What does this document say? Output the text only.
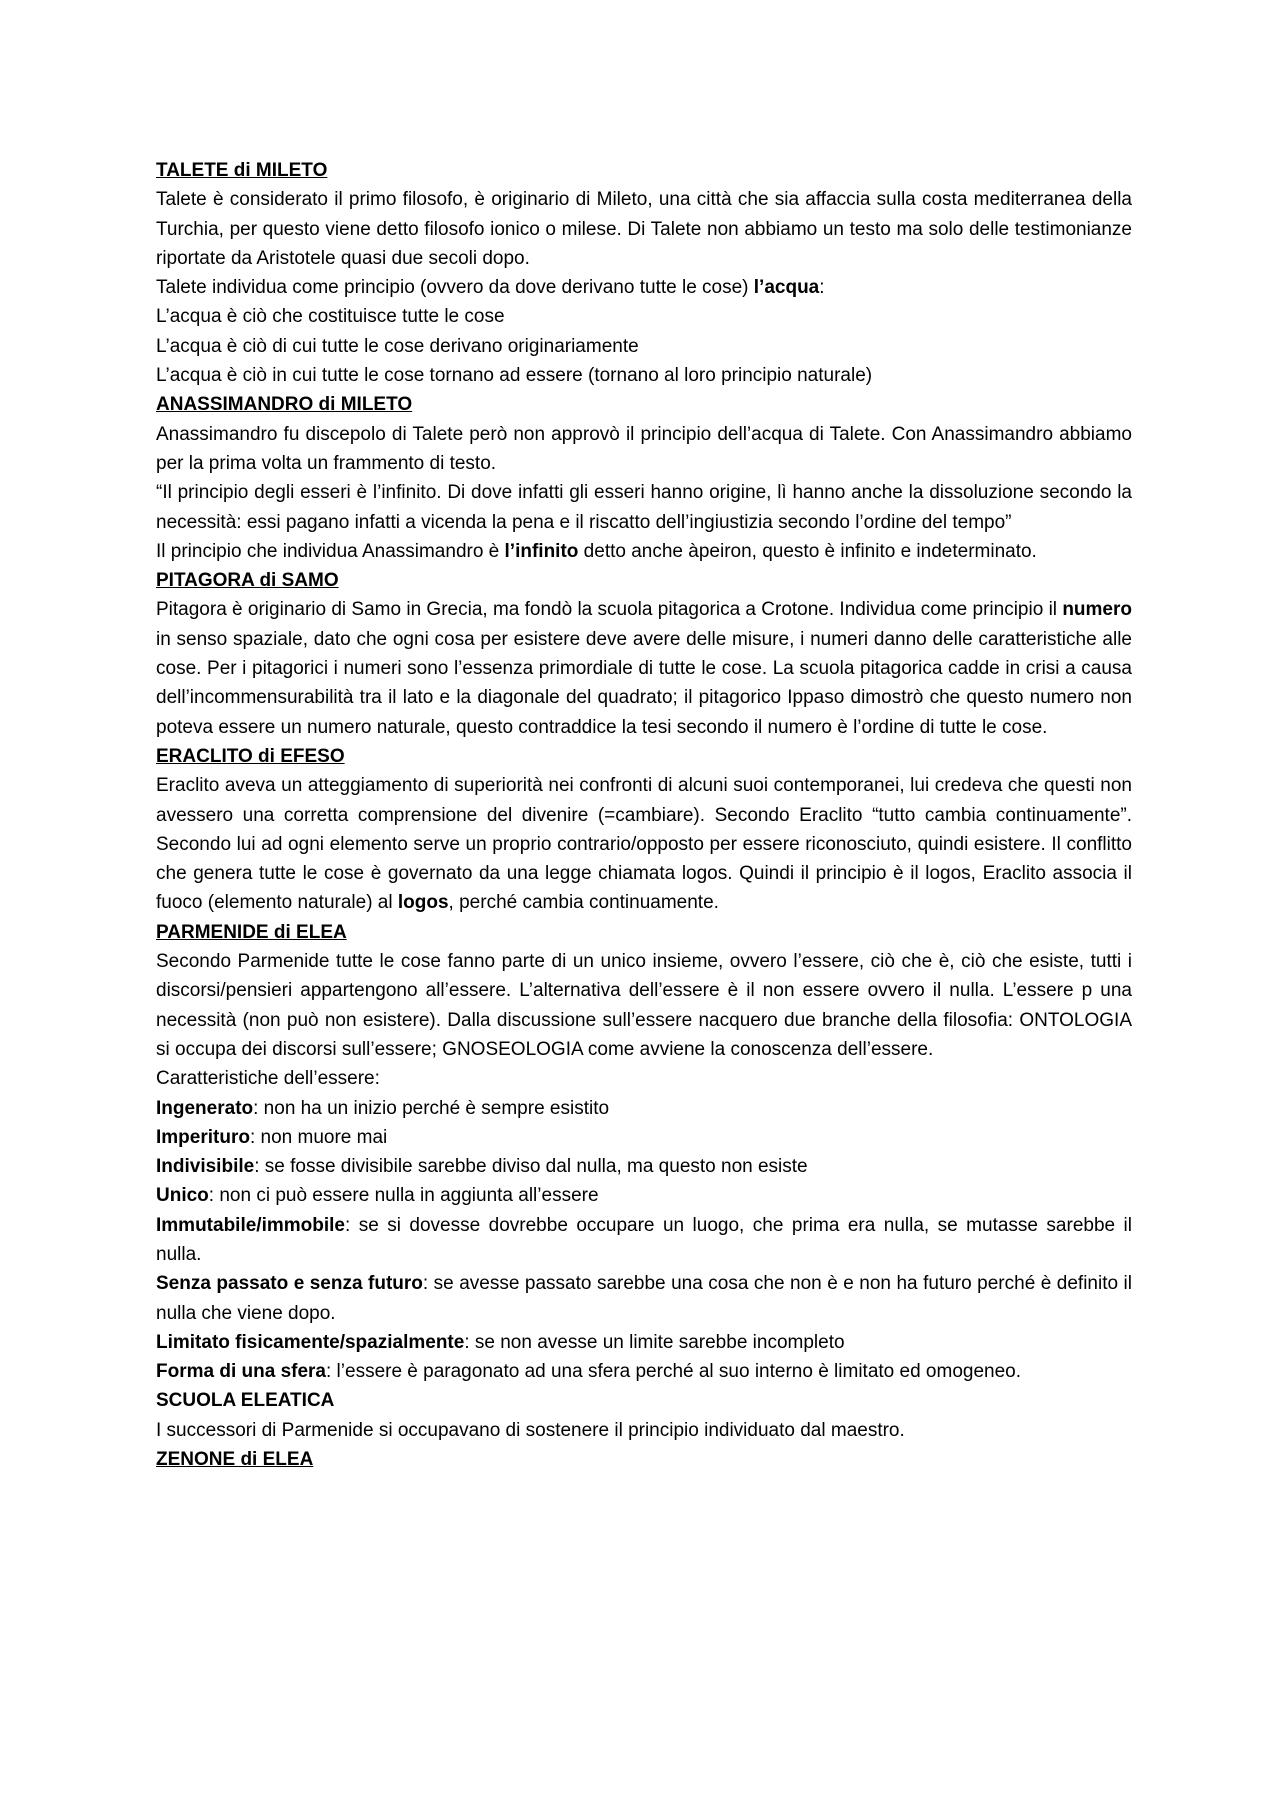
TALETE di MILETO

Talete è considerato il primo filosofo, è originario di Mileto, una città che sia affaccia sulla costa mediterranea della Turchia, per questo viene detto filosofo ionico o milese. Di Talete non abbiamo un testo ma solo delle testimonianze riportate da Aristotele quasi due secoli dopo.

Talete individua come principio (ovvero da dove derivano tutte le cose) l’acqua:

L’acqua è ciò che costituisce tutte le cose

L’acqua è ciò di cui tutte le cose derivano originariamente

L’acqua è ciò in cui tutte le cose tornano ad essere (tornano al loro principio naturale)

ANASSIMANDRO di MILETO

Anassimandro fu discepolo di Talete però non approvò il principio dell’acqua di Talete. Con Anassimandro abbiamo per la prima volta un frammento di testo.

“Il principio degli esseri è l’infinito. Di dove infatti gli esseri hanno origine, lì hanno anche la dissoluzione secondo la necessità: essi pagano infatti a vicenda la pena e il riscatto dell’ingiustizia secondo l’ordine del tempo”

Il principio che individua Anassimandro è l’infinito detto anche àpeiron, questo è infinito e indeterminato.

PITAGORA di SAMO

Pitagora è originario di Samo in Grecia, ma fondò la scuola pitagorica a Crotone. Individua come principio il numero in senso spaziale, dato che ogni cosa per esistere deve avere delle misure, i numeri danno delle caratteristiche alle cose. Per i pitagorici i numeri sono l’essenza primordiale di tutte le cose. La scuola pitagorica cadde in crisi a causa dell’incommensurabilità tra il lato e la diagonale del quadrato; il pitagorico Ippaso dimostrò che questo numero non poteva essere un numero naturale, questo contraddice la tesi secondo il numero è l’ordine di tutte le cose.

ERACLITO di EFESO

Eraclito aveva un atteggiamento di superiorità nei confronti di alcuni suoi contemporanei, lui credeva che questi non avessero una corretta comprensione del divenire (=cambiare). Secondo Eraclito “tutto cambia continuamente”. Secondo lui ad ogni elemento serve un proprio contrario/opposto per essere riconosciuto, quindi esistere. Il conflitto che genera tutte le cose è governato da una legge chiamata logos. Quindi il principio è il logos, Eraclito associa il fuoco (elemento naturale) al logos, perché cambia continuamente.

PARMENIDE di ELEA

Secondo Parmenide tutte le cose fanno parte di un unico insieme, ovvero l’essere, ciò che è, ciò che esiste, tutti i discorsi/pensieri appartengono all’essere. L’alternativa dell’essere è il non essere ovvero il nulla. L’essere p una necessità (non può non esistere). Dalla discussione sull’essere nacquero due branche della filosofia: ONTOLOGIA si occupa dei discorsi sull’essere; GNOSEOLOGIA come avviene la conoscenza dell’essere.

Caratteristiche dell’essere:

Ingenerato: non ha un inizio perché è sempre esistito

Imperituro: non muore mai

Indivisibile: se fosse divisibile sarebbe diviso dal nulla, ma questo non esiste

Unico: non ci può essere nulla in aggiunta all’essere

Immutabile/immobile: se si dovesse dovrebbe occupare un luogo, che prima era nulla, se mutasse sarebbe il nulla.

Senza passato e senza futuro: se avesse passato sarebbe una cosa che non è e non ha futuro perché è definito il nulla che viene dopo.

Limitato fisicamente/spazialmente: se non avesse un limite sarebbe incompleto

Forma di una sfera: l’essere è paragonato ad una sfera perché al suo interno è limitato ed omogeneo.

SCUOLA ELEATICA

I successori di Parmenide si occupavano di sostenere il principio individuato dal maestro.

ZENONE di ELEA
